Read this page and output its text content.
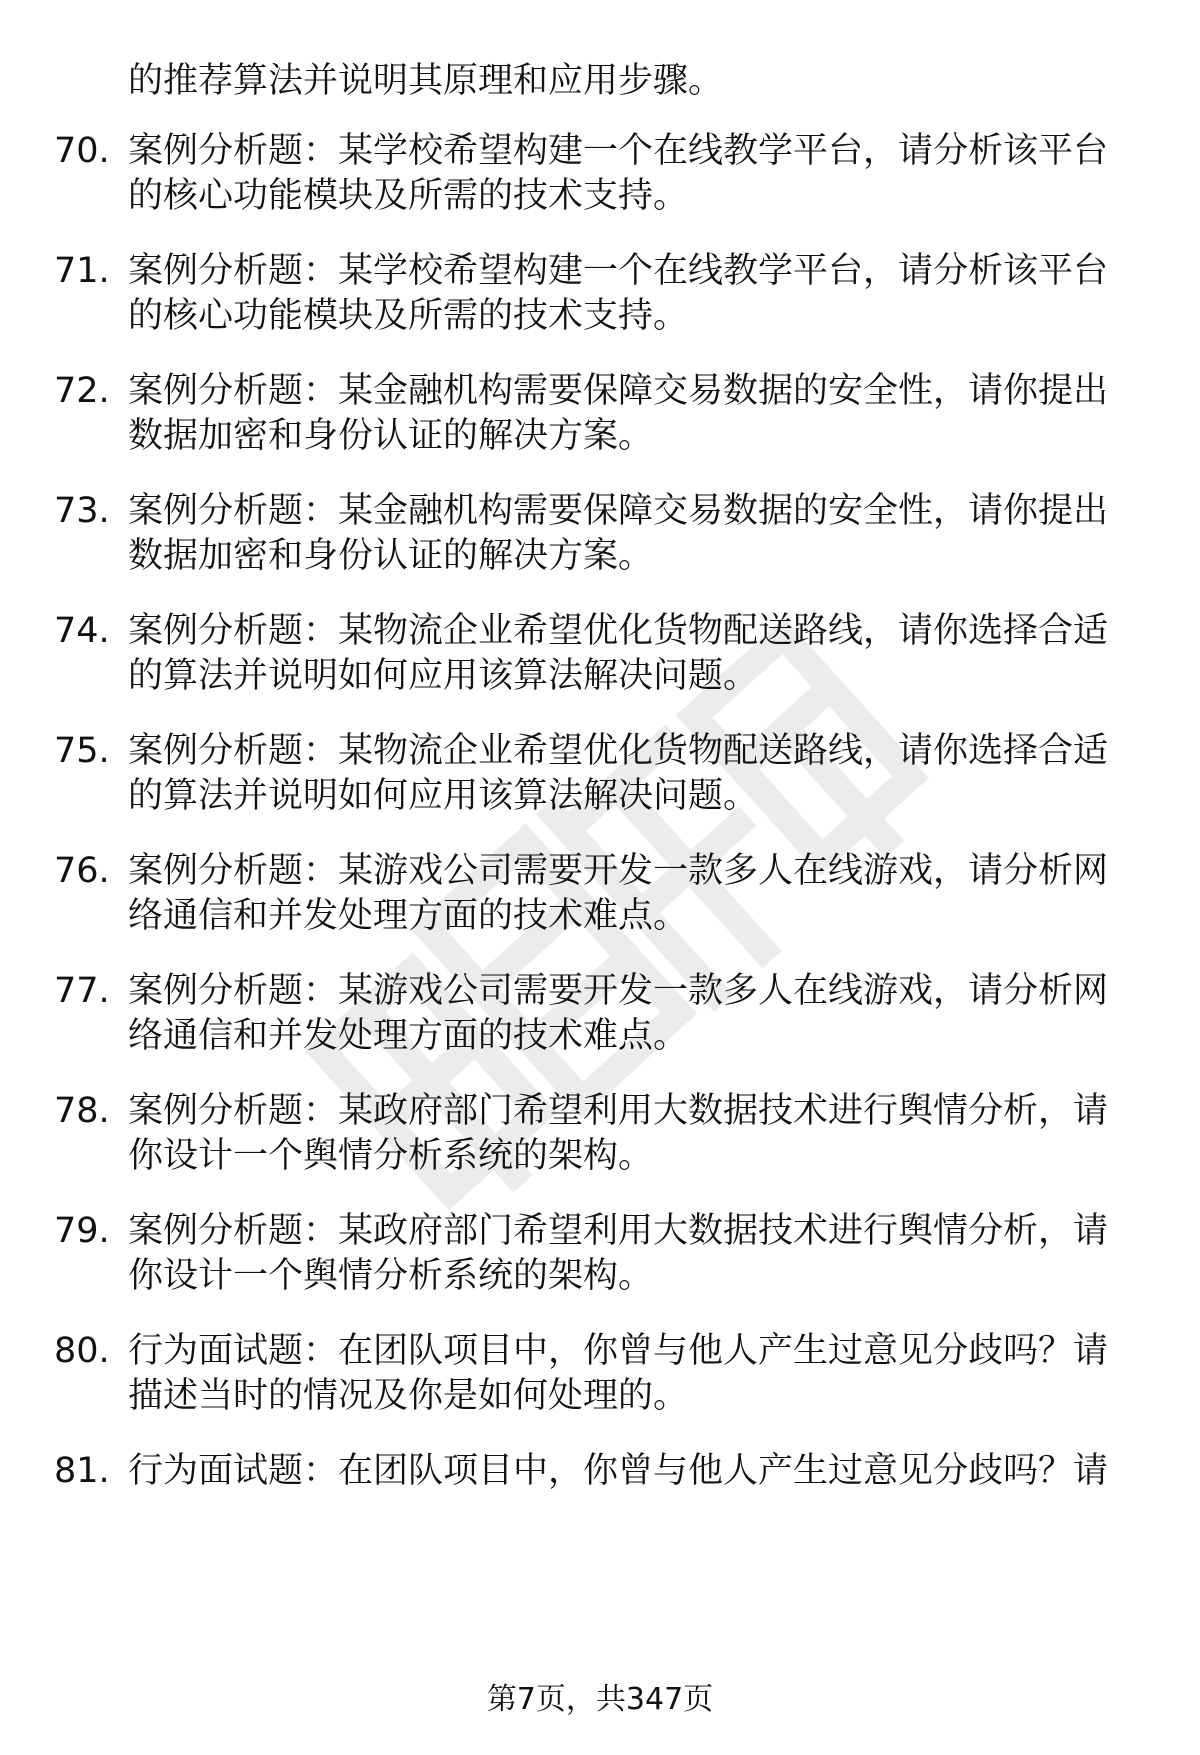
的推荐算法并说明其原理和应用步骤。
70. 案例分析题：某学校希望构建一个在线教学平台，请分析该平台
的核心功能模块及所需的技术支持。
71. 案例分析题：某学校希望构建一个在线教学平台，请分析该平台
的核心功能模块及所需的技术支持。
72. 案例分析题：某金融机构需要保障交易数据的安全性，请你提出
数据加密和身份认证的解决方案。
73. 案例分析题：某金融机构需要保障交易数据的安全性，请你提出
数据加密和身份认证的解决方案。
74. 案例分析题：某物流企业希望优化货物配送路线，请你选择合适
的算法并说明如何应用该算法解决问题。
75. 案例分析题：某物流企业希望优化货物配送路线，请你选择合适
的算法并说明如何应用该算法解决问题。
76. 案例分析题：某游戏公司需要开发一款多人在线游戏，请分析网
络通信和并发处理方面的技术难点。
77. 案例分析题：某游戏公司需要开发一款多人在线游戏，请分析网
络通信和并发处理方面的技术难点。
78. 案例分析题：某政府部门希望利用大数据技术进行舆情分析，请
你设计一个舆情分析系统的架构。
79. 案例分析题：某政府部门希望利用大数据技术进行舆情分析，请
你设计一个舆情分析系统的架构。
80. 行为面试题：在团队项目中，你曾与他人产生过意见分歧吗？请
描述当时的情况及你是如何处理的。
81. 行为面试题：在团队项目中，你曾与他人产生过意见分歧吗？请
第7页，共347页
